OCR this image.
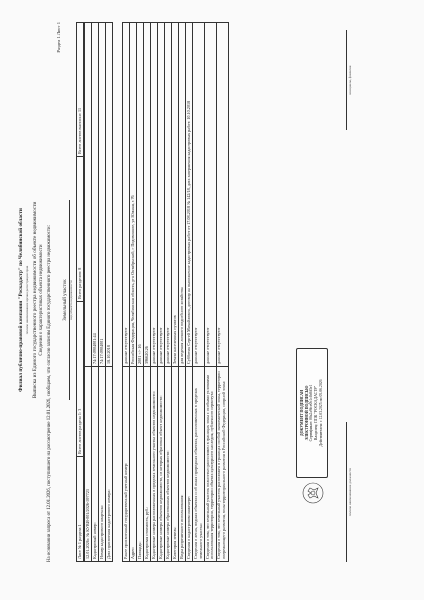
Филиал публично-правовой компании "Роскадастр" по Челябинской области полное наименование органа регистрации прав Выписка из Единого государственного реестра недвижимости об объекте недвижимости Сведения о характеристиках объекта недвижимости На основании запроса от 12.01.2026, поступившего на рассмотрение 12.01.2026, сообщаем, что согласно записям Единого государственного реестра недвижимости:
Раздел 1 Лист 1
Земельный участок вид объекта недвижимости
Лист № 1 раздела 1	Всего листов раздела 1: 3	Всего разделов: 8	Всего листов выписки: 11
12.01.2026г. № КУВИ-001/2026-597723	
Кадастровый номер:	74:17:0904001:44
Номер кадастрового квартала:	74:17:0904001
Дата присвоения кадастрового номера:	18.10.2018
Ранее присвоенный государственный учетный номер:	данные отсутствуют
Адрес:	Российская Федерация, Челябинская область, р-н Октябрьский, г Подовинное, ул Южная, з 76
Площадь:	2001 +/- 16
Кадастровая стоимость, руб.:	396620.26
Кадастровые номера расположенных в пределах земельного участка объектов недвижимости:	данные отсутствуют
Кадастровые номера объектов недвижимости, из которых образован объект недвижимости:	данные отсутствуют
Кадастровые номера образованных объектов недвижимости:	данные отсутствуют
Категория земель:	Земли населенных пунктов
Виды разрешенного использования:	для ведения личного подсобного хозяйства
Сведения о кадастровом инженере:	Субботин Сергей Михайлович, договор на выполнение кадастровых работ от 17.08.2018 № 142/18, дата завершения кадастровых работ: 10.10.2018
Сведения о лесах, водных объектах и об иных природных объектах, расположенных в пределах земельного участка:	данные отсутствуют
Сведения о том, что земельный участок полностью расположен в границах зоны с особыми условиями использования территории, территории объекта культурного наследия, публичного сервитута:	данные отсутствуют
Сведения о том, что земельный участок расположен в границах особой экономической зоны, территории опережающего развития, зоны территориального развития в Российской Федерации, игорной зоны:	данные отсутствуют
ДОКУМЕНТ ПОДПИСАН ЭЛЕКТРОННОЙ ПОДПИСЬЮ Сертификат: 00a2a9fce0b1c8d6f3e1 Владелец: ППК "РОСКАДАСТР" Действителен: с 12.03.2025 по 05.06.2026
полное наименование должности
инициалы, фамилия
